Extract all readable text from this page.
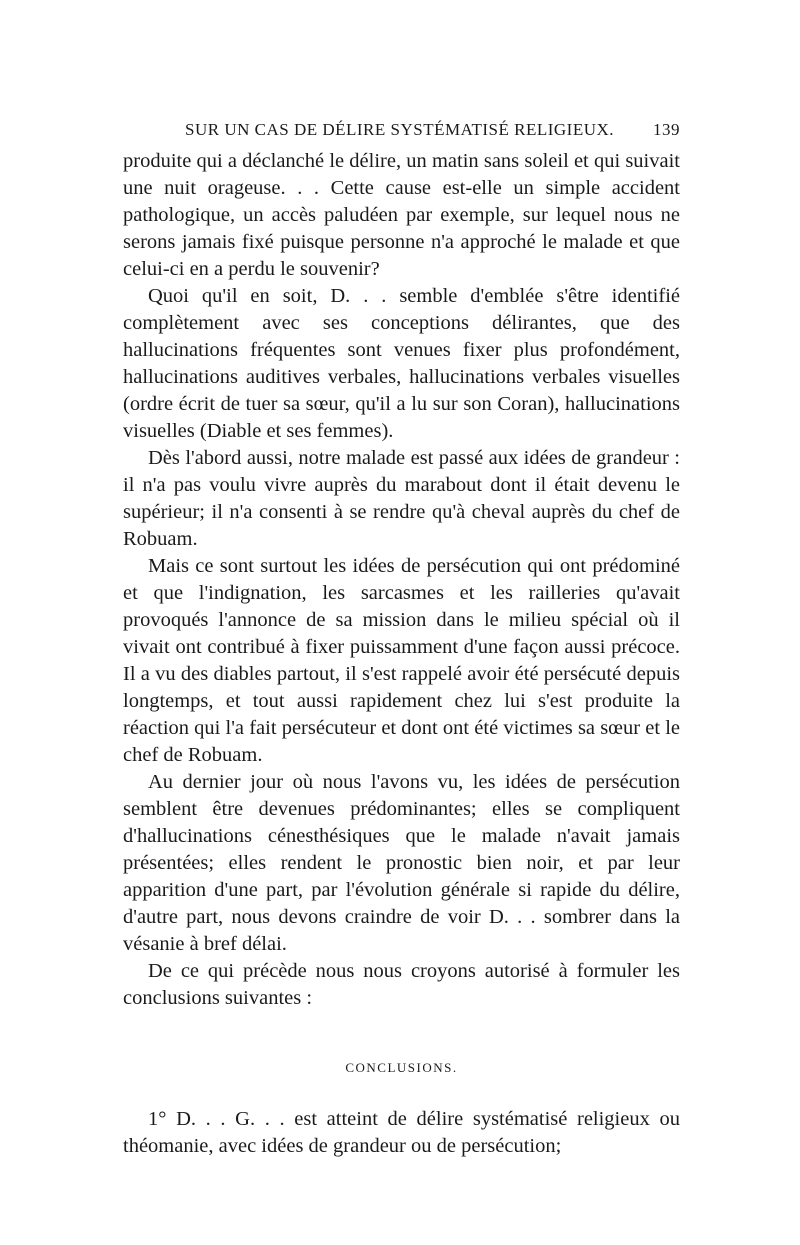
SUR UN CAS DE DÉLIRE SYSTÉMATISÉ RELIGIEUX. 139

produite qui a déclanché le délire, un matin sans soleil et qui suivait une nuit orageuse. . . Cette cause est-elle un simple accident pathologique, un accès paludéen par exemple, sur lequel nous ne serons jamais fixé puisque personne n'a approché le malade et que celui-ci en a perdu le souvenir?

Quoi qu'il en soit, D. . . semble d'emblée s'être identifié complètement avec ses conceptions délirantes, que des hallucinations fréquentes sont venues fixer plus profondément, hallucinations auditives verbales, hallucinations verbales visuelles (ordre écrit de tuer sa sœur, qu'il a lu sur son Coran), hallucinations visuelles (Diable et ses femmes).

Dès l'abord aussi, notre malade est passé aux idées de grandeur : il n'a pas voulu vivre auprès du marabout dont il était devenu le supérieur; il n'a consenti à se rendre qu'à cheval auprès du chef de Robuam.

Mais ce sont surtout les idées de persécution qui ont prédominé et que l'indignation, les sarcasmes et les railleries qu'avait provoqués l'annonce de sa mission dans le milieu spécial où il vivait ont contribué à fixer puissamment d'une façon aussi précoce. Il a vu des diables partout, il s'est rappelé avoir été persécuté depuis longtemps, et tout aussi rapidement chez lui s'est produite la réaction qui l'a fait persécuteur et dont ont été victimes sa sœur et le chef de Robuam.

Au dernier jour où nous l'avons vu, les idées de persécution semblent être devenues prédominantes; elles se compliquent d'hallucinations cénesthésiques que le malade n'avait jamais présentées; elles rendent le pronostic bien noir, et par leur apparition d'une part, par l'évolution générale si rapide du délire, d'autre part, nous devons craindre de voir D. . . sombrer dans la vésanie à bref délai.

De ce qui précède nous nous croyons autorisé à formuler les conclusions suivantes :

CONCLUSIONS.

1° D. . . G. . . est atteint de délire systématisé religieux ou théomanie, avec idées de grandeur ou de persécution;
